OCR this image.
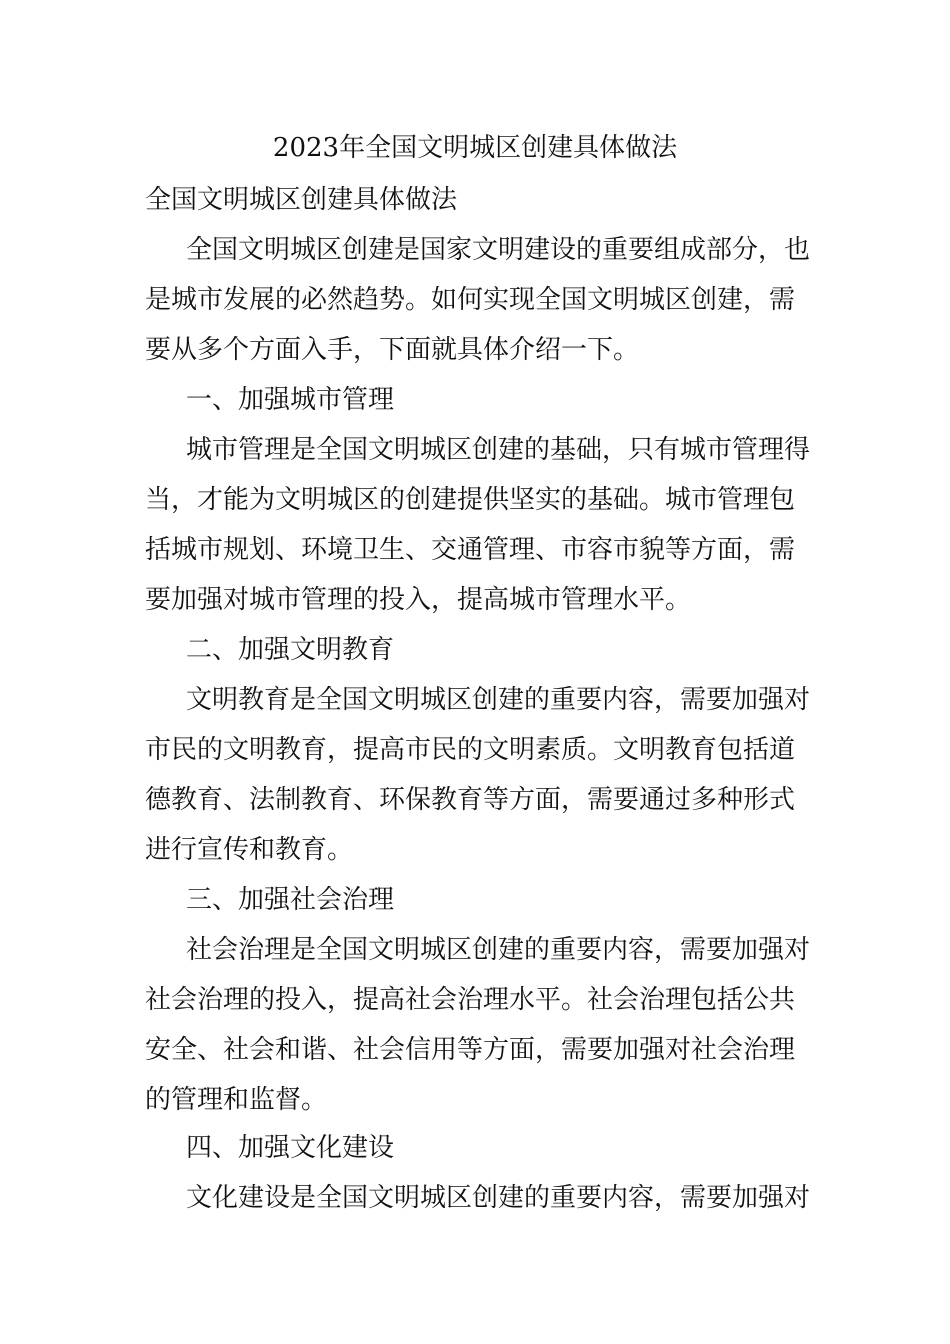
2023年全国文明城区创建具体做法
全国文明城区创建具体做法
全国文明城区创建是国家文明建设的重要组成部分，也
是城市发展的必然趋势。如何实现全国文明城区创建，需
要从多个方面入手，下面就具体介绍一下。
一、加强城市管理
城市管理是全国文明城区创建的基础，只有城市管理得
当，才能为文明城区的创建提供坚实的基础。城市管理包
括城市规划、环境卫生、交通管理、市容市貌等方面，需
要加强对城市管理的投入，提高城市管理水平。
二、加强文明教育
文明教育是全国文明城区创建的重要内容，需要加强对
市民的文明教育，提高市民的文明素质。文明教育包括道
德教育、法制教育、环保教育等方面，需要通过多种形式
进行宣传和教育。
三、加强社会治理
社会治理是全国文明城区创建的重要内容，需要加强对
社会治理的投入，提高社会治理水平。社会治理包括公共
安全、社会和谐、社会信用等方面，需要加强对社会治理
的管理和监督。
四、加强文化建设
文化建设是全国文明城区创建的重要内容，需要加强对
